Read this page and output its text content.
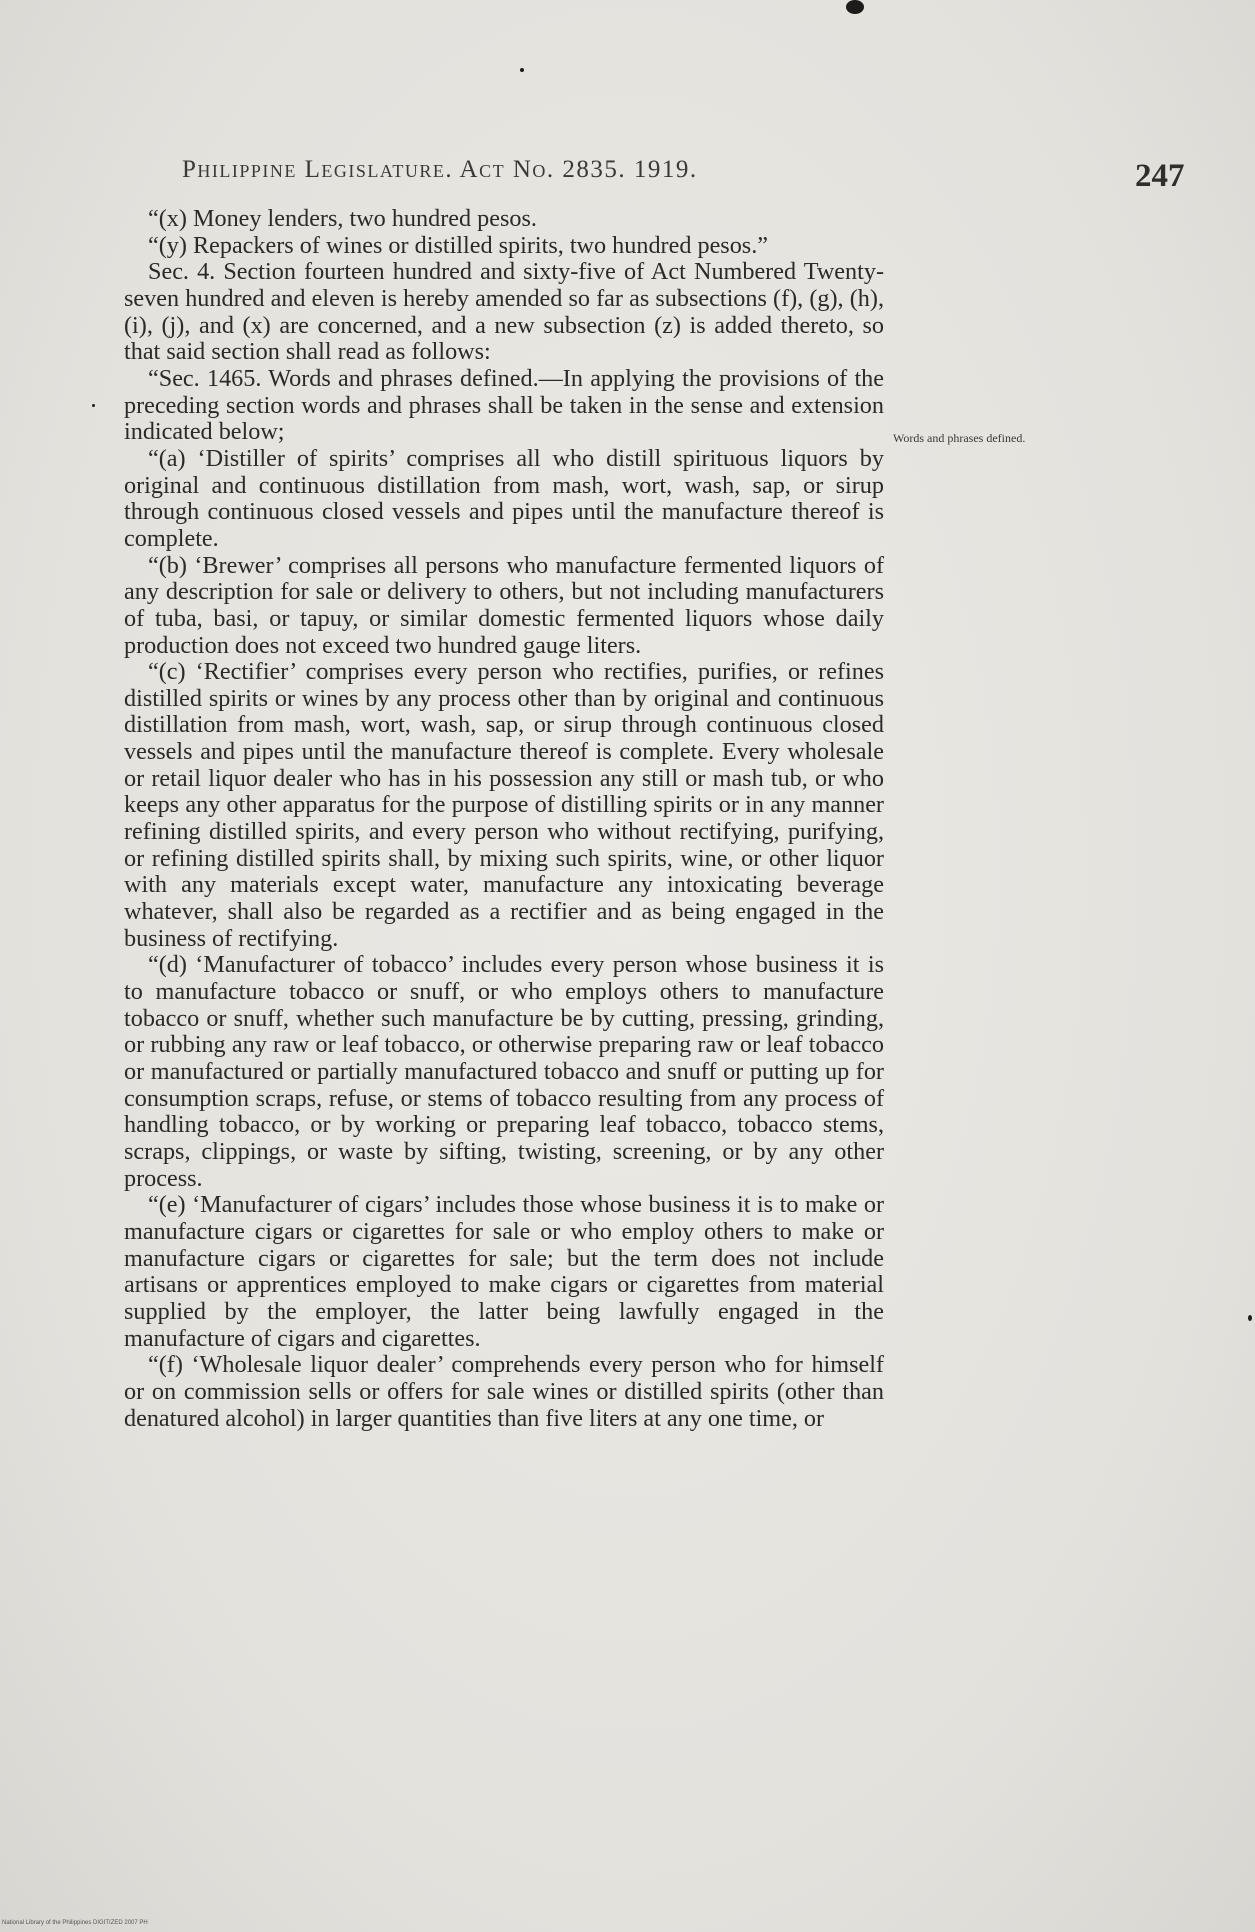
Philippine Legislature. Act No. 2835. 1919.	247

“(x) Money lenders, two hundred pesos.

“(y) Repackers of wines or distilled spirits, two hundred pesos.”

Sec. 4. Section fourteen hundred and sixty-five of Act Numbered Twenty-seven hundred and eleven is hereby amended so far as subsections (f), (g), (h), (i), (j), and (x) are concerned, and a new subsection (z) is added thereto, so that said section shall read as follows:

“Sec. 1465. Words and phrases defined.—In applying the provisions of the preceding section words and phrases shall be taken in the sense and extension indicated below;

“(a) ‘Distiller of spirits’ comprises all who distill spirituous liquors by original and continuous distillation from mash, wort, wash, sap, or sirup through continuous closed vessels and pipes until the manufacture thereof is complete.

“(b) ‘Brewer’ comprises all persons who manufacture fermented liquors of any description for sale or delivery to others, but not including manufacturers of tuba, basi, or tapuy, or similar domestic fermented liquors whose daily production does not exceed two hundred gauge liters.

“(c) ‘Rectifier’ comprises every person who rectifies, purifies, or refines distilled spirits or wines by any process other than by original and continuous distillation from mash, wort, wash, sap, or sirup through continuous closed vessels and pipes until the manufacture thereof is complete. Every wholesale or retail liquor dealer who has in his possession any still or mash tub, or who keeps any other apparatus for the purpose of distilling spirits or in any manner refining distilled spirits, and every person who without rectifying, purifying, or refining distilled spirits shall, by mixing such spirits, wine, or other liquor with any materials except water, manufacture any intoxicating beverage whatever, shall also be regarded as a rectifier and as being engaged in the business of rectifying.

“(d) ‘Manufacturer of tobacco’ includes every person whose business it is to manufacture tobacco or snuff, or who employs others to manufacture tobacco or snuff, whether such manufacture be by cutting, pressing, grinding, or rubbing any raw or leaf tobacco, or otherwise preparing raw or leaf tobacco or manufactured or partially manufactured tobacco and snuff or putting up for consumption scraps, refuse, or stems of tobacco resulting from any process of handling tobacco, or by working or preparing leaf tobacco, tobacco stems, scraps, clippings, or waste by sifting, twisting, screening, or by any other process.

“(e) ‘Manufacturer of cigars’ includes those whose business it is to make or manufacture cigars or cigarettes for sale or who employ others to make or manufacture cigars or cigarettes for sale; but the term does not include artisans or apprentices employed to make cigars or cigarettes from material supplied by the employer, the latter being lawfully engaged in the manufacture of cigars and cigarettes.

“(f) ‘Wholesale liquor dealer’ comprehends every person who for himself or on commission sells or offers for sale wines or distilled spirits (other than denatured alcohol) in larger quantities than five liters at any one time, or

Words and phrases defined.
National Library of the Philippines DIGITIZED 2007 PH
